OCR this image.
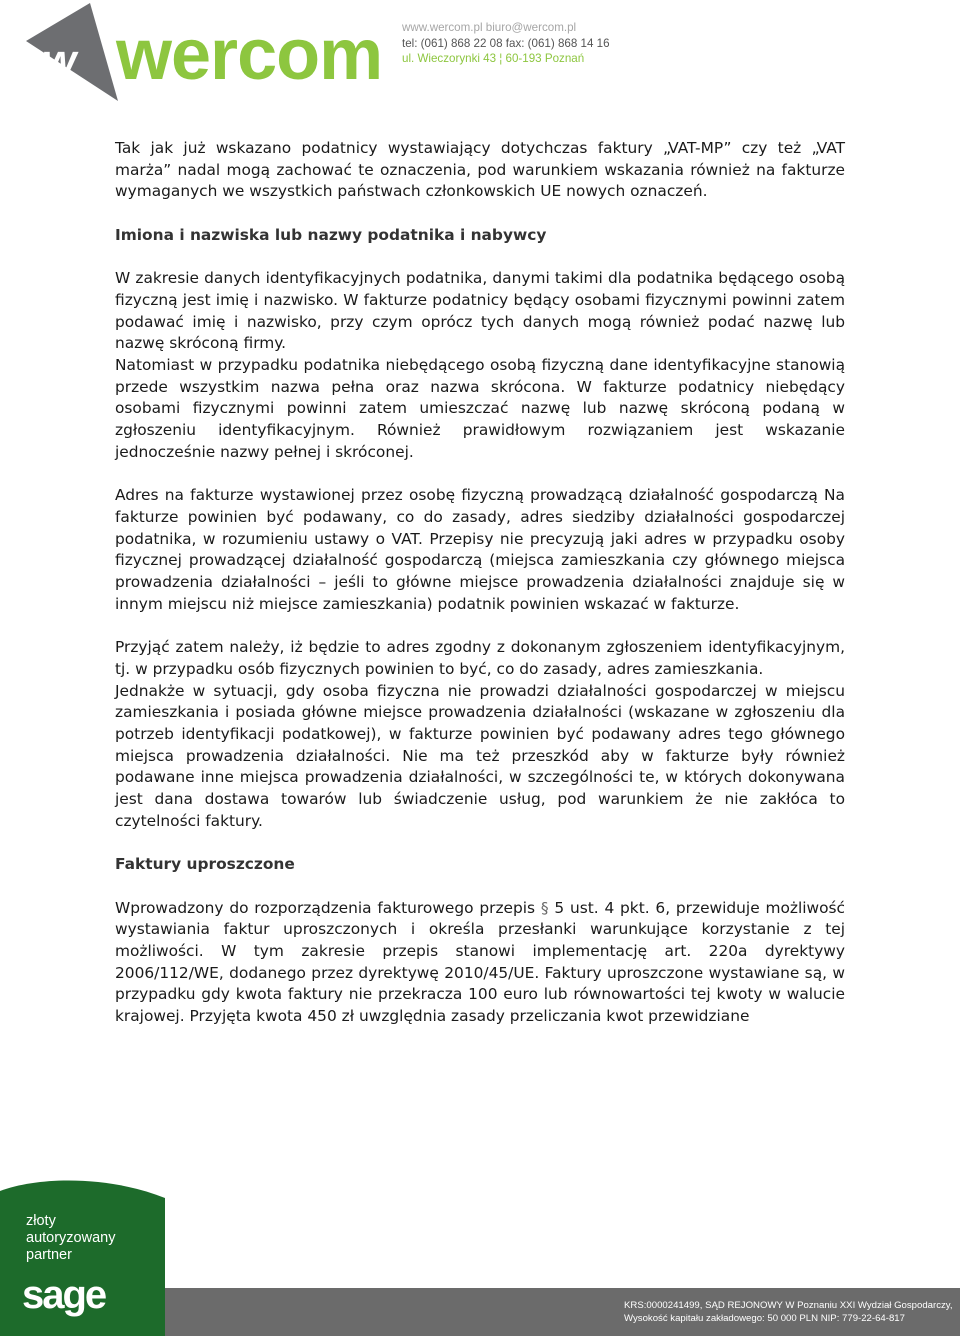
w wercom www.wercom.pl biuro@wercom.pl
tel: (061) 868 22 08 fax: (061) 868 14 16
ul. Wieczorynki 43 ¦ 60-193 Poznań

Tak jak już wskazano podatnicy wystawiający dotychczas faktury „VAT-MP” czy też „VAT marża” nadal mogą zachować te oznaczenia, pod warunkiem wskazania również na fakturze wymaganych we wszystkich państwach członkowskich UE nowych oznaczeń.

Imiona i nazwiska lub nazwy podatnika i nabywcy

W zakresie danych identyfikacyjnych podatnika, danymi takimi dla podatnika będącego osobą fizyczną jest imię i nazwisko. W fakturze podatnicy będący osobami fizycznymi powinni zatem podawać imię i nazwisko, przy czym oprócz tych danych mogą również podać nazwę lub nazwę skróconą firmy.

Natomiast w przypadku podatnika niebędącego osobą fizyczną dane identyfikacyjne stanowią przede wszystkim nazwa pełna oraz nazwa skrócona. W fakturze podatnicy niebędący osobami fizycznymi powinni zatem umieszczać nazwę lub nazwę skróconą podaną w zgłoszeniu identyfikacyjnym. Również prawidłowym rozwiązaniem jest wskazanie jednocześnie nazwy pełnej i skróconej.

Adres na fakturze wystawionej przez osobę fizyczną prowadzącą działalność gospodarczą Na fakturze powinien być podawany, co do zasady, adres siedziby działalności gospodarczej podatnika, w rozumieniu ustawy o VAT. Przepisy nie precyzują jaki adres w przypadku osoby fizycznej prowadzącej działalność gospodarczą (miejsca zamieszkania czy głównego miejsca prowadzenia działalności – jeśli to główne miejsce prowadzenia działalności znajduje się w innym miejscu niż miejsce zamieszkania) podatnik powinien wskazać w fakturze.

Przyjąć zatem należy, iż będzie to adres zgodny z dokonanym zgłoszeniem identyfikacyjnym, tj. w przypadku osób fizycznych powinien to być, co do zasady, adres zamieszkania.

Jednakże w sytuacji, gdy osoba fizyczna nie prowadzi działalności gospodarczej w miejscu zamieszkania i posiada główne miejsce prowadzenia działalności (wskazane w zgłoszeniu dla potrzeb identyfikacji podatkowej), w fakturze powinien być podawany adres tego głównego miejsca prowadzenia działalności. Nie ma też przeszkód aby w fakturze były również podawane inne miejsca prowadzenia działalności, w szczególności te, w których dokonywana jest dana dostawa towarów lub świadczenie usług, pod warunkiem że nie zakłóca to czytelności faktury.

Faktury uproszczone

Wprowadzony do rozporządzenia fakturowego przepis § 5 ust. 4 pkt. 6, przewiduje możliwość wystawiania faktur uproszczonych i określa przesłanki warunkujące korzystanie z tej możliwości. W tym zakresie przepis stanowi implementację art. 220a dyrektywy 2006/112/WE, dodanego przez dyrektywę 2010/45/UE. Faktury uproszczone wystawiane są, w przypadku gdy kwota faktury nie przekracza 100 euro lub równowartości tej kwoty w walucie krajowej. Przyjęta kwota 450 zł uwzględnia zasady przeliczania kwot przewidziane

złoty
autoryzowany
partner
sage	KRS:0000241499, SĄD REJONOWY W Poznaniu XXI Wydział Gospodarczy,
Wysokość kapitału zakładowego: 50 000 PLN NIP: 779-22-64-817
